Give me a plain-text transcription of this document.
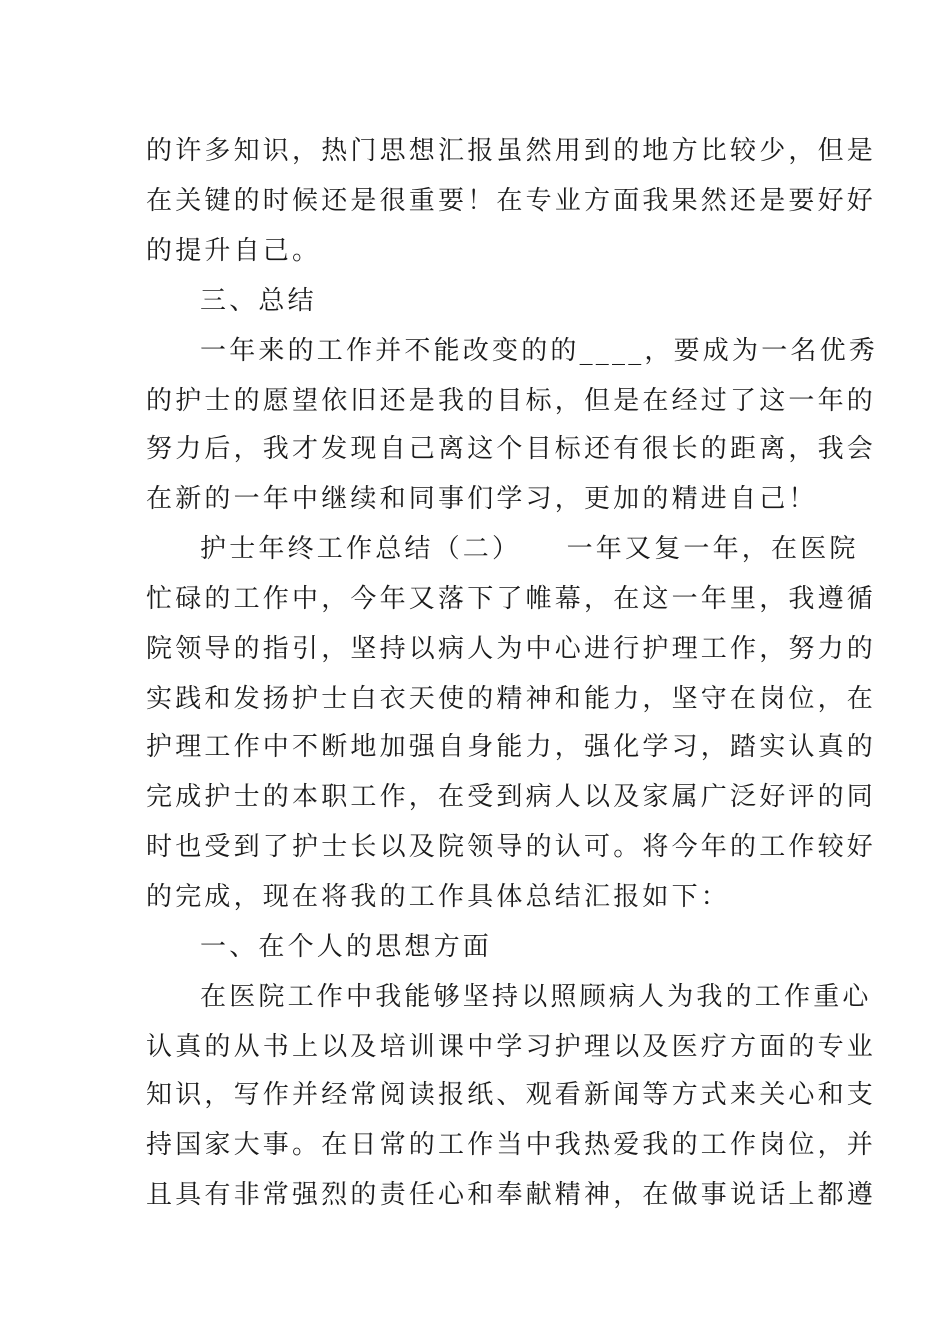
的许多知识，热门思想汇报虽然用到的地方比较少，但是
在关键的时候还是很重要！在专业方面我果然还是要好好
的提升自己。
三、总结
一年来的工作并不能改变的的____，要成为一名优秀
的护士的愿望依旧还是我的目标，但是在经过了这一年的
努力后，我才发现自己离这个目标还有很长的距离，我会
在新的一年中继续和同事们学习，更加的精进自己！
护士年终工作总结（二）　　一年又复一年，在医院
忙碌的工作中，今年又落下了帷幕，在这一年里，我遵循
院领导的指引，坚持以病人为中心进行护理工作，努力的
实践和发扬护士白衣天使的精神和能力，坚守在岗位，在
护理工作中不断地加强自身能力，强化学习，踏实认真的
完成护士的本职工作，在受到病人以及家属广泛好评的同
时也受到了护士长以及院领导的认可。将今年的工作较好
的完成，现在将我的工作具体总结汇报如下：
一、在个人的思想方面
在医院工作中我能够坚持以照顾病人为我的工作重心
认真的从书上以及培训课中学习护理以及医疗方面的专业
知识，写作并经常阅读报纸、观看新闻等方式来关心和支
持国家大事。在日常的工作当中我热爱我的工作岗位，并
且具有非常强烈的责任心和奉献精神，在做事说话上都遵
